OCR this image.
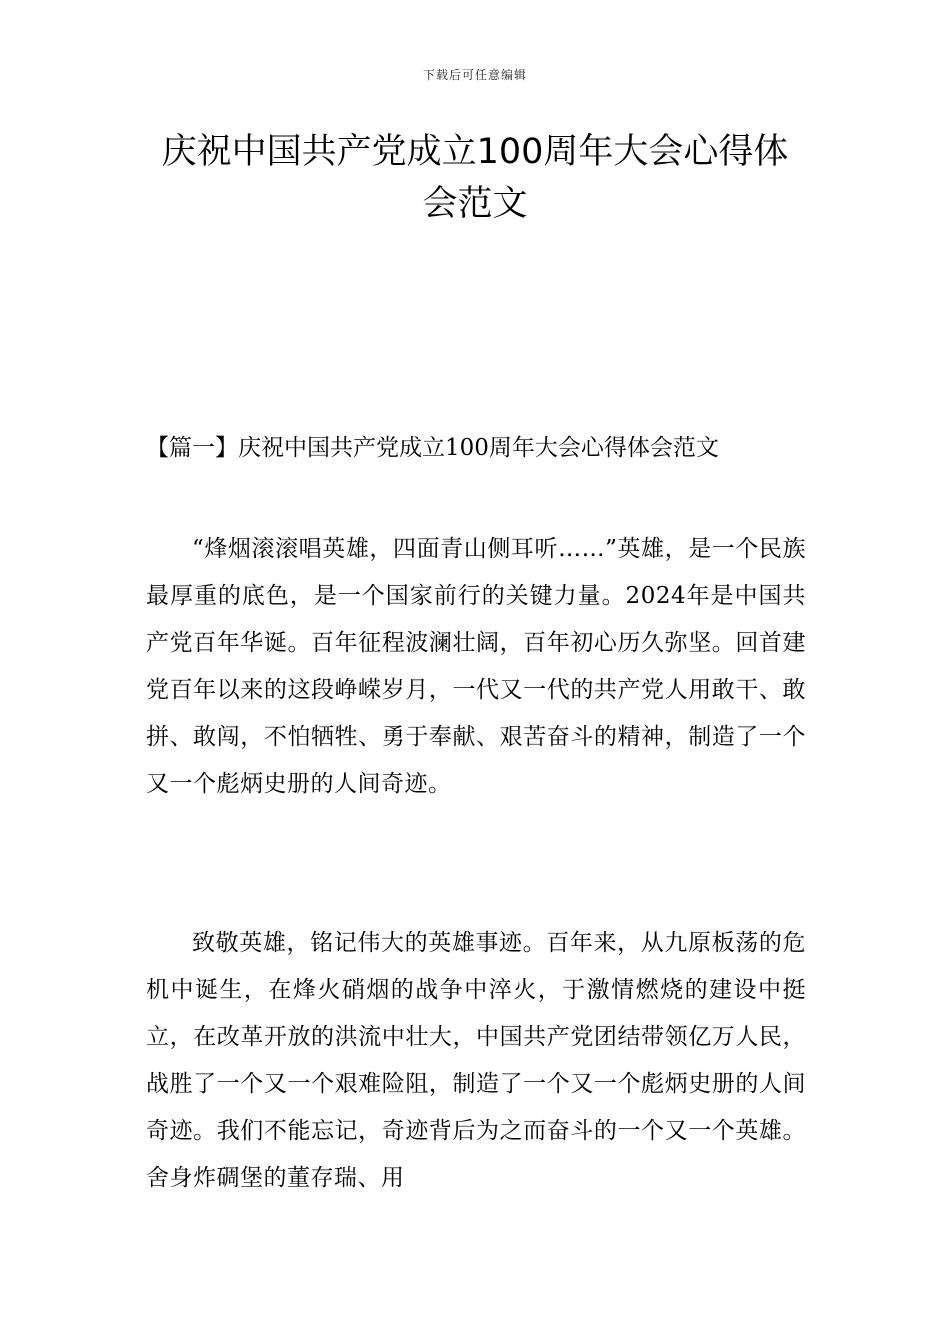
下载后可任意编辑
庆祝中国共产党成立100周年大会心得体
会范文
【篇一】庆祝中国共产党成立100周年大会心得体会范文

“烽烟滚滚唱英雄，四面青山侧耳听……”英雄，是一个民族最厚重的底色，是一个国家前行的关键力量。2024年是中国共产党百年华诞。百年征程波澜壮阔，百年初心历久弥坚。回首建党百年以来的这段峥嵘岁月，一代又一代的共产党人用敢干、敢拼、敢闯，不怕牺牲、勇于奉献、艰苦奋斗的精神，制造了一个又一个彪炳史册的人间奇迹。

致敬英雄，铭记伟大的英雄事迹。百年来，从九原板荡的危机中诞生，在烽火硝烟的战争中淬火，于激情燃烧的建设中挺立，在改革开放的洪流中壮大，中国共产党团结带领亿万人民，战胜了一个又一个艰难险阻，制造了一个又一个彪炳史册的人间奇迹。我们不能忘记，奇迹背后为之而奋斗的一个又一个英雄。舍身炸碉堡的董存瑞、用
